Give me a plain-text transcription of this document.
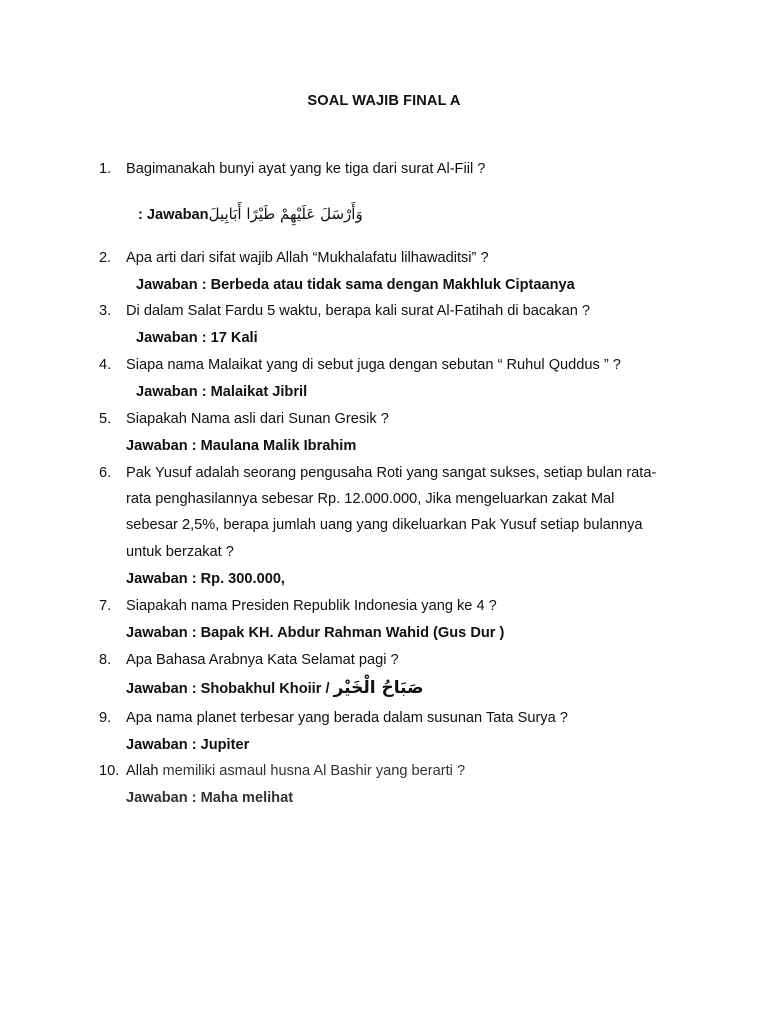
SOAL WAJIB FINAL A
1. Bagimanakah bunyi ayat yang ke tiga dari surat Al-Fiil ?
: Jawabanوَأَرْسَلَ عَلَيْهِمْ طَيْرًا أَبَابِيلَ
2. Apa arti dari sifat wajib Allah “Mukhalafatu lilhawaditsi” ?
Jawaban : Berbeda atau tidak sama dengan Makhluk Ciptaanya
3. Di dalam Salat Fardu 5 waktu, berapa kali surat Al-Fatihah di bacakan ?
Jawaban : 17 Kali
4. Siapa nama Malaikat yang di sebut juga dengan sebutan “ Ruhul Quddus ” ?
Jawaban : Malaikat Jibril
5. Siapakah Nama asli dari Sunan Gresik ?
Jawaban : Maulana Malik Ibrahim
6. Pak Yusuf adalah seorang pengusaha Roti yang sangat sukses, setiap bulan rata-
rata penghasilannya sebesar Rp. 12.000.000, Jika mengeluarkan zakat Mal
sebesar 2,5%, berapa jumlah uang yang dikeluarkan Pak Yusuf setiap bulannya
untuk berzakat ?
Jawaban : Rp. 300.000,
7. Siapakah nama Presiden Republik Indonesia yang ke 4 ?
Jawaban : Bapak KH. Abdur Rahman Wahid (Gus Dur )
8. Apa Bahasa Arabnya Kata Selamat pagi ?
Jawaban : Shobakhul Khoiir / صَبَاحُ الْخَيْر
9. Apa nama planet terbesar yang berada dalam susunan Tata Surya ?
Jawaban : Jupiter
10. Allah memiliki asmaul husna Al Bashir yang berarti ?
Jawaban : Maha melihat
